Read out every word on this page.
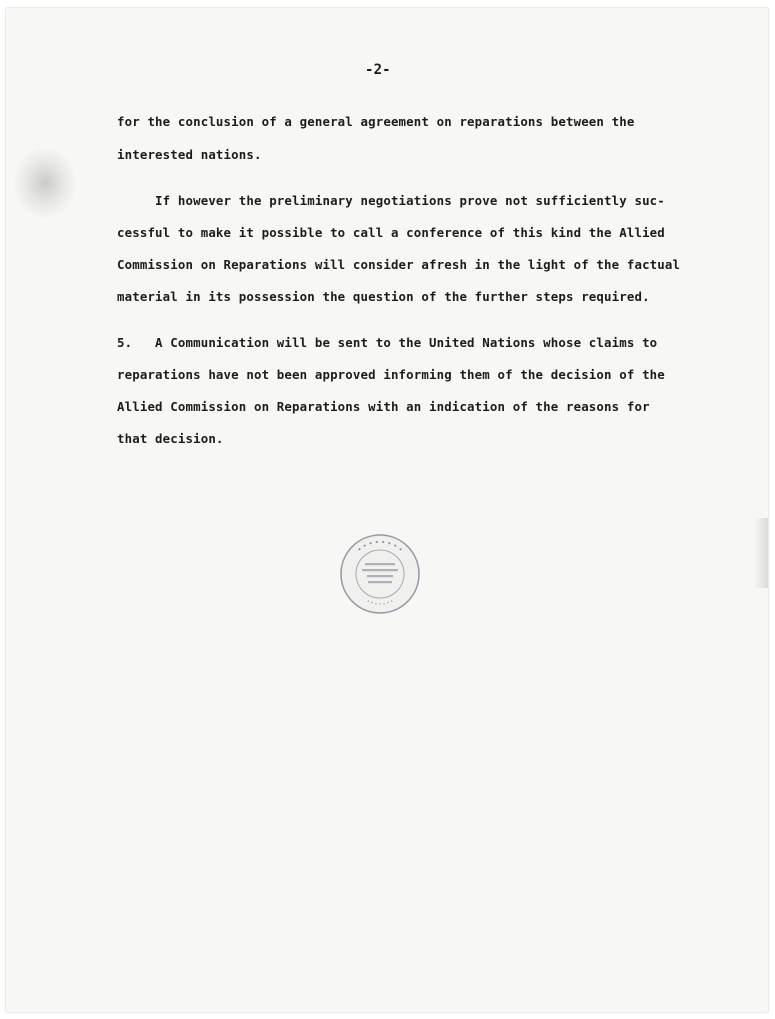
-2-
for the conclusion of a general agreement on reparations between the
interested nations.
If however the preliminary negotiations prove not sufficiently suc-
cessful to make it possible to call a conference of this kind the Allied
Commission on Reparations will consider afresh in the light of the factual
material in its possession the question of the further steps required.
5.   A Communication will be sent to the United Nations whose claims to
reparations have not been approved informing them of the decision of the
Allied Commission on Reparations with an indication of the reasons for
that decision.
• • • • • • • •
· · · · · · ·
